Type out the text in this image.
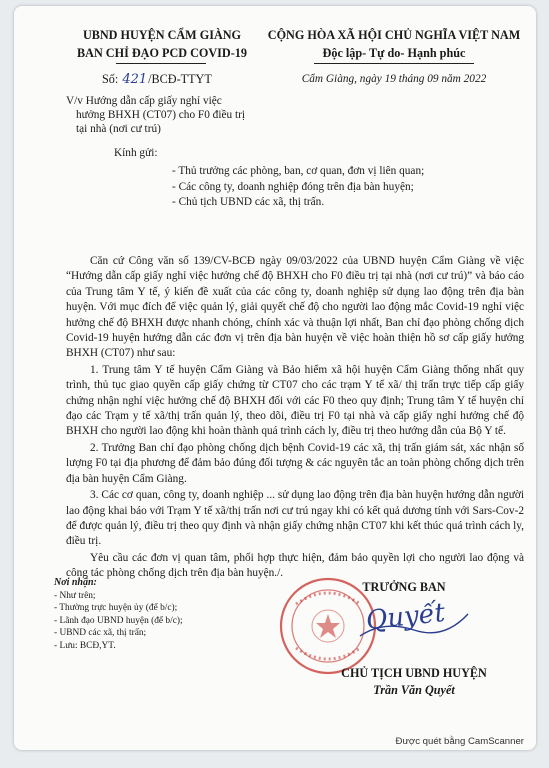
UBND HUYỆN CẨM GIÀNG
BAN CHỈ ĐẠO PCD COVID-19
Số: 421/BCĐ-TTYT
CỘNG HÒA XÃ HỘI CHỦ NGHĨA VIỆT NAM
Độc lập- Tự do- Hạnh phúc
Cẩm Giàng, ngày 19 tháng 09 năm 2022
V/v Hướng dẫn cấp giấy nghỉ việc
hưởng BHXH (CT07) cho F0 điều trị
tại nhà (nơi cư trú)
Kính gửi:
- Thủ trưởng các phòng, ban, cơ quan, đơn vị liên quan;
- Các công ty, doanh nghiệp đóng trên địa bàn huyện;
- Chủ tịch UBND các xã, thị trấn.

Căn cứ Công văn số 139/CV-BCĐ ngày 09/03/2022 của UBND huyện Cẩm Giàng về việc “Hướng dẫn cấp giấy nghỉ việc hưởng chế độ BHXH cho F0 điều trị tại nhà (nơi cư trú)” và báo cáo của Trung tâm Y tế, ý kiến đề xuất của các công ty, doanh nghiệp sử dụng lao động trên địa bàn huyện. Với mục đích để việc quản lý, giải quyết chế độ cho người lao động mắc Covid-19 nghỉ việc hưởng chế độ BHXH được nhanh chóng, chính xác và thuận lợi nhất, Ban chỉ đạo phòng chống dịch Covid-19 huyện hướng dẫn các đơn vị trên địa bàn huyện về việc hoàn thiện hồ sơ cấp giấy hưởng BHXH (CT07) như sau:

1. Trung tâm Y tế huyện Cẩm Giàng và Bảo hiểm xã hội huyện Cẩm Giàng thống nhất quy trình, thủ tục giao quyền cấp giấy chứng từ CT07 cho các trạm Y tế xã/ thị trấn trực tiếp cấp giấy chứng nhận nghỉ việc hưởng chế độ BHXH đối với các F0 theo quy định; Trung tâm Y tế huyện chỉ đạo các Trạm y tế xã/thị trấn quản lý, theo dõi, điều trị F0 tại nhà và cấp giấy nghỉ hưởng chế độ BHXH cho người lao động khi hoàn thành quá trình cách ly, điều trị theo hướng dẫn của Bộ Y tế.

2. Trưởng Ban chỉ đạo phòng chống dịch bệnh Covid-19 các xã, thị trấn giám sát, xác nhận số lượng F0 tại địa phương để đảm bảo đúng đối tượng & các nguyên tắc an toàn phòng chống dịch trên địa bàn huyện Cẩm Giàng.

3. Các cơ quan, công ty, doanh nghiệp ... sử dụng lao động trên địa bàn huyện hướng dẫn người lao động khai báo với Trạm Y tế xã/thị trấn nơi cư trú ngay khi có kết quả dương tính với Sars-Cov-2 để được quản lý, điều trị theo quy định và nhận giấy chứng nhận CT07 khi kết thúc quá trình cách ly, điều trị.

Yêu cầu các đơn vị quan tâm, phối hợp thực hiện, đảm bảo quyền lợi cho người lao động và công tác phòng chống dịch trên địa bàn huyện./.

Nơi nhận:
- Như trên;
- Thường trực huyện ủy (để b/c);
- Lãnh đạo UBND huyện (để b/c);
- UBND các xã, thị trấn;
- Lưu: BCĐ,YT.
TRƯỞNG BAN
Quyết
CHỦ TỊCH UBND HUYỆN
Trần Văn Quyết
Được quét bằng CamScanner
